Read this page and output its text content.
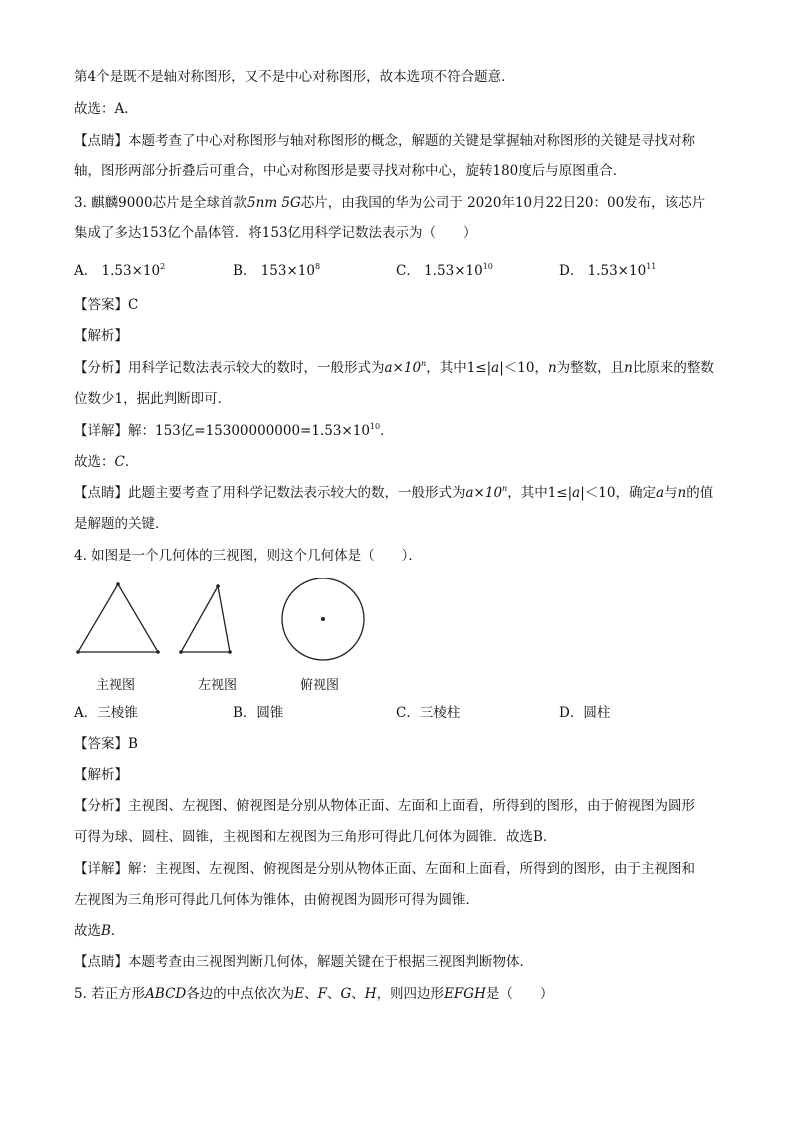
第4个是既不是轴对称图形，又不是中心对称图形，故本选项不符合题意．
故选：A．
【点睛】本题考查了中心对称图形与轴对称图形的概念，解题的关键是掌握轴对称图形的关键是寻找对称
轴，图形两部分折叠后可重合，中心对称图形是要寻找对称中心，旋转180度后与原图重合．
3. 麒麟9000芯片是全球首款5nm 5G芯片，由我国的华为公司于 2020年10月22日20：00发布，该芯片
集成了多达153亿个晶体管．将153亿用科学记数法表示为（　　）
A． $1.53\times 10^2$	B． $153\times 10^8$	C． $1.53\times 10^{10}$	D． $1.53\times 10^{11}$
【答案】C
【解析】
【分析】用科学记数法表示较大的数时，一般形式为$a\times 10^n$，其中1≤|a|＜10，n为整数，且n比原来的整数
位数少1，据此判断即可．
【详解】解：153亿$=15300000000=1.53\times 10^{10}$．
故选：C．
【点睛】此题主要考查了用科学记数法表示较大的数，一般形式为$a\times 10^n$，其中1≤|a|＜10，确定a与n的值
是解题的关键．
4. 如图是一个几何体的三视图，则这个几何体是（　　）．
主视图	左视图	俯视图
A．三棱锥	B．圆锥	C．三棱柱	D．圆柱
【答案】B
【解析】
【分析】主视图、左视图、俯视图是分别从物体正面、左面和上面看，所得到的图形，由于俯视图为圆形
可得为球、圆柱、圆锥，主视图和左视图为三角形可得此几何体为圆锥．故选B．
【详解】解：主视图、左视图、俯视图是分别从物体正面、左面和上面看，所得到的图形，由于主视图和
左视图为三角形可得此几何体为锥体，由俯视图为圆形可得为圆锥．
故选B．
【点睛】本题考查由三视图判断几何体，解题关键在于根据三视图判断物体.
5. 若正方形ABCD各边的中点依次为E、F、G、H，则四边形EFGH是（　　）
